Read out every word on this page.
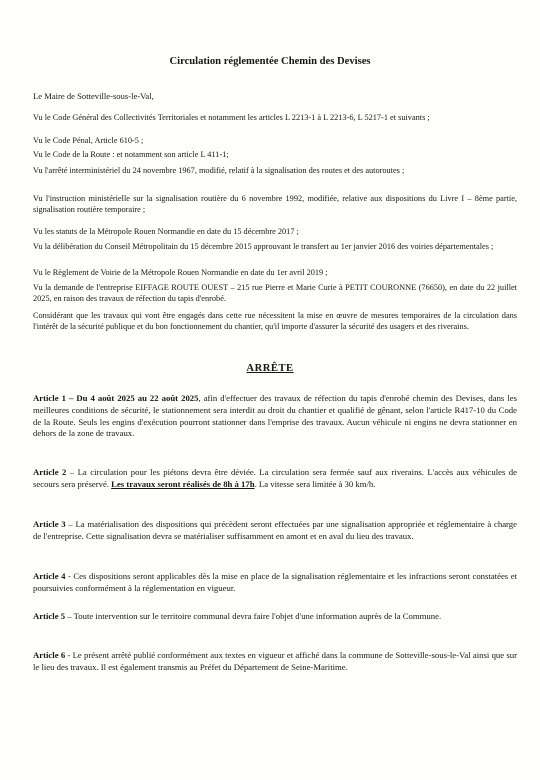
Circulation réglementée Chemin des Devises
Le Maire de Sotteville-sous-le-Val,
Vu le Code Général des Collectivités Territoriales et notamment les articles L 2213-1 à L 2213-6, L 5217-1 et suivants ;
Vu le Code Pénal, Article 610-5 ;
Vu le Code de la Route : et notamment son article L 411-1;
Vu l'arrêté interministériel du 24 novembre 1967, modifié, relatif à la signalisation des routes et des autoroutes ;
Vu l'instruction ministérielle sur la signalisation routière du 6 novembre 1992, modifiée, relative aux dispositions du Livre I – 8ème partie, signalisation routière temporaire ;
Vu les statuts de la Métropole Rouen Normandie en date du 15 décembre 2017 ;
Vu la délibération du Conseil Métropolitain du 15 décembre 2015 approuvant le transfert au 1er janvier 2016 des voiries départementales ;
Vu le Règlement de Voirie de la Métropole Rouen Normandie en date du 1er avril 2019 ;
Vu la demande de l'entreprise EIFFAGE ROUTE OUEST – 215 rue Pierre et Marie Curie à PETIT COURONNE (76650), en date du 22 juillet 2025, en raison des travaux de réfection du tapis d'enrobé.
Considérant que les travaux qui vont être engagés dans cette rue nécessitent la mise en œuvre de mesures temporaires de la circulation dans l'intérêt de la sécurité publique et du bon fonctionnement du chantier, qu'il importe d'assurer la sécurité des usagers et des riverains.
ARRÊTE
Article 1 – Du 4 août 2025 au 22 août 2025, afin d'effectuer des travaux de réfection du tapis d'enrobé chemin des Devises, dans les meilleures conditions de sécurité, le stationnement sera interdit au droit du chantier et qualifié de gênant, selon l'article R417-10 du Code de la Route. Seuls les engins d'exécution pourront stationner dans l'emprise des travaux. Aucun véhicule ni engins ne devra stationner en dehors de la zone de travaux.
Article 2 – La circulation pour les piétons devra être déviée. La circulation sera fermée sauf aux riverains. L'accès aux véhicules de secours sera préservé. Les travaux seront réalisés de 8h à 17h. La vitesse sera limitée à 30 km/h.
Article 3 – La matérialisation des dispositions qui précèdent seront effectuées par une signalisation appropriée et réglementaire à charge de l'entreprise. Cette signalisation devra se matérialiser suffisamment en amont et en aval du lieu des travaux.
Article 4 - Ces dispositions seront applicables dès la mise en place de la signalisation réglementaire et les infractions seront constatées et poursuivies conformément à la réglementation en vigueur.
Article 5 – Toute intervention sur le territoire communal devra faire l'objet d'une information auprès de la Commune.
Article 6 - Le présent arrêté publié conformément aux textes en vigueur et affiché dans la commune de Sotteville-sous-le-Val ainsi que sur le lieu des travaux. Il est également transmis au Préfet du Département de Seine-Maritime.
